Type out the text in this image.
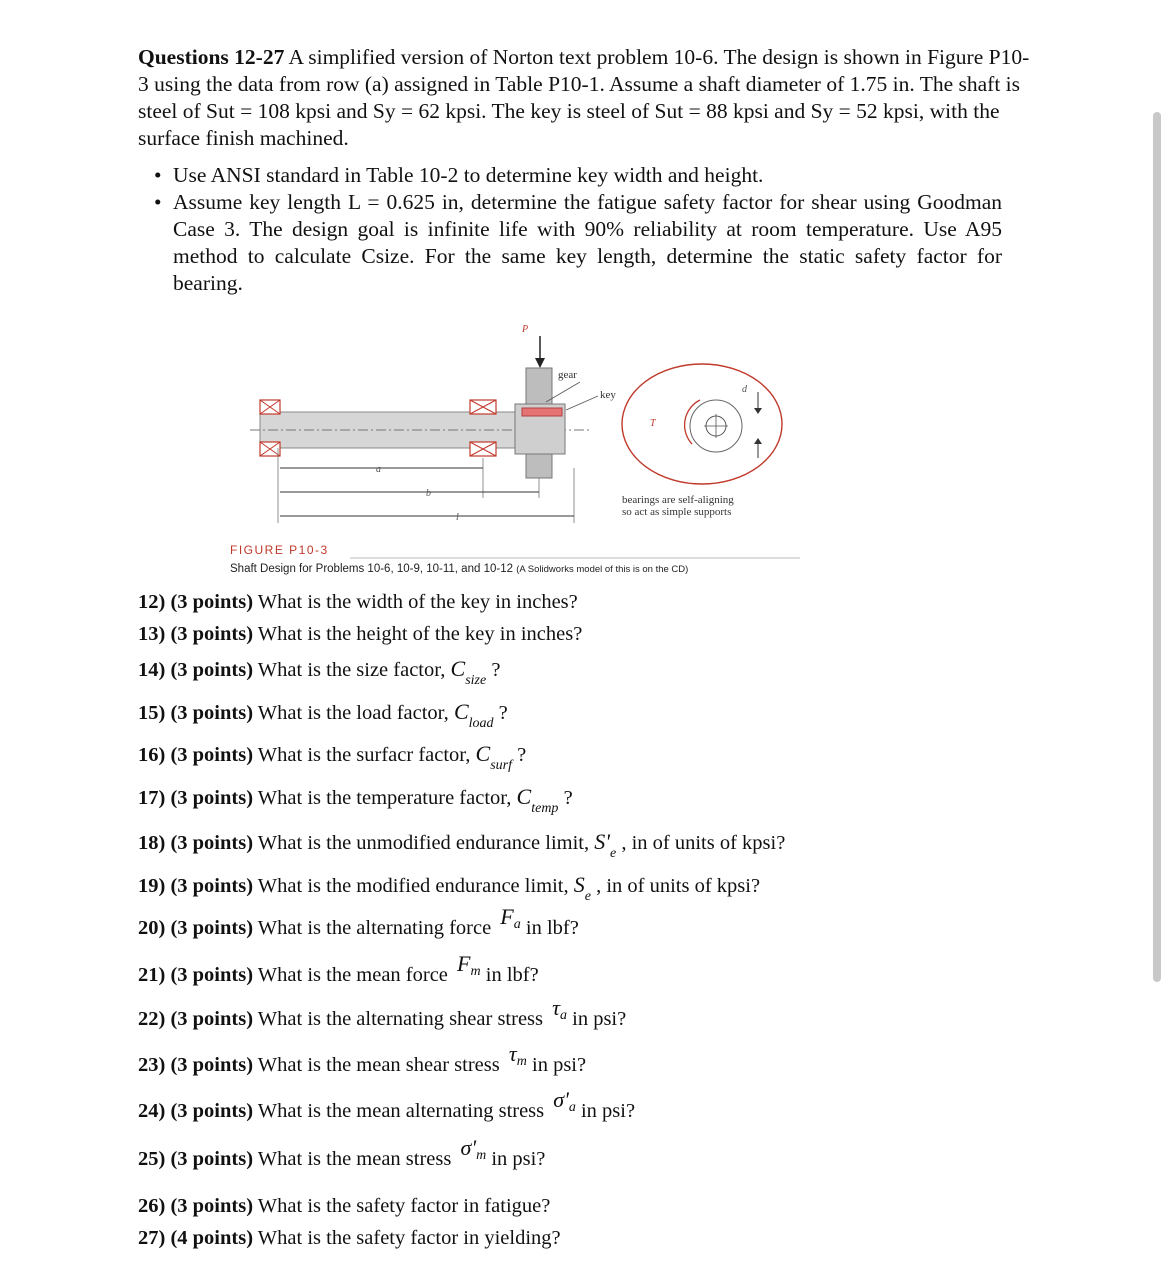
Questions 12-27 A simplified version of Norton text problem 10-6. The design is shown in Figure P10-3 using the data from row (a) assigned in Table P10-1. Assume a shaft diameter of 1.75 in. The shaft is steel of Sut = 108 kpsi and Sy = 62 kpsi. The key is steel of Sut = 88 kpsi and Sy = 52 kpsi, with the surface finish machined.
• Use ANSI standard in Table 10-2 to determine key width and height.
• Assume key length L = 0.625 in, determine the fatigue safety factor for shear using Goodman Case 3. The design goal is infinite life with 90% reliability at room temperature. Use A95 method to calculate Csize. For the same key length, determine the static safety factor for bearing.
P
gear
key
a
b
l
T
d
bearings are self-aligning
so act as simple supports
FIGURE P10-3
Shaft Design for Problems 10-6, 10-9, 10-11, and 10-12 (A Solidworks model of this is on the CD)
12) (3 points) What is the width of the key in inches?
13) (3 points) What is the height of the key in inches?
14) (3 points) What is the size factor, $C_{size}$ ?
15) (3 points) What is the load factor, $C_{load}$ ?
16) (3 points) What is the surfacr factor, $C_{surf}$ ?
17) (3 points) What is the temperature factor, $C_{temp}$ ?
18) (3 points) What is the unmodified endurance limit, $S'_e$ , in of units of kpsi?
19) (3 points) What is the modified endurance limit, $S_e$ , in of units of kpsi?
20) (3 points) What is the alternating force $F^a$ in lbf?
21) (3 points) What is the mean force $F^m$ in lbf?
22) (3 points) What is the alternating shear stress $\tau^a$ in psi?
23) (3 points) What is the mean shear stress $\tau^m$ in psi?
24) (3 points) What is the mean alternating stress $\sigma'^a$ in psi?
25) (3 points) What is the mean stress $\sigma'^m$ in psi?
26) (3 points) What is the safety factor in fatigue?
27) (4 points) What is the safety factor in yielding?
